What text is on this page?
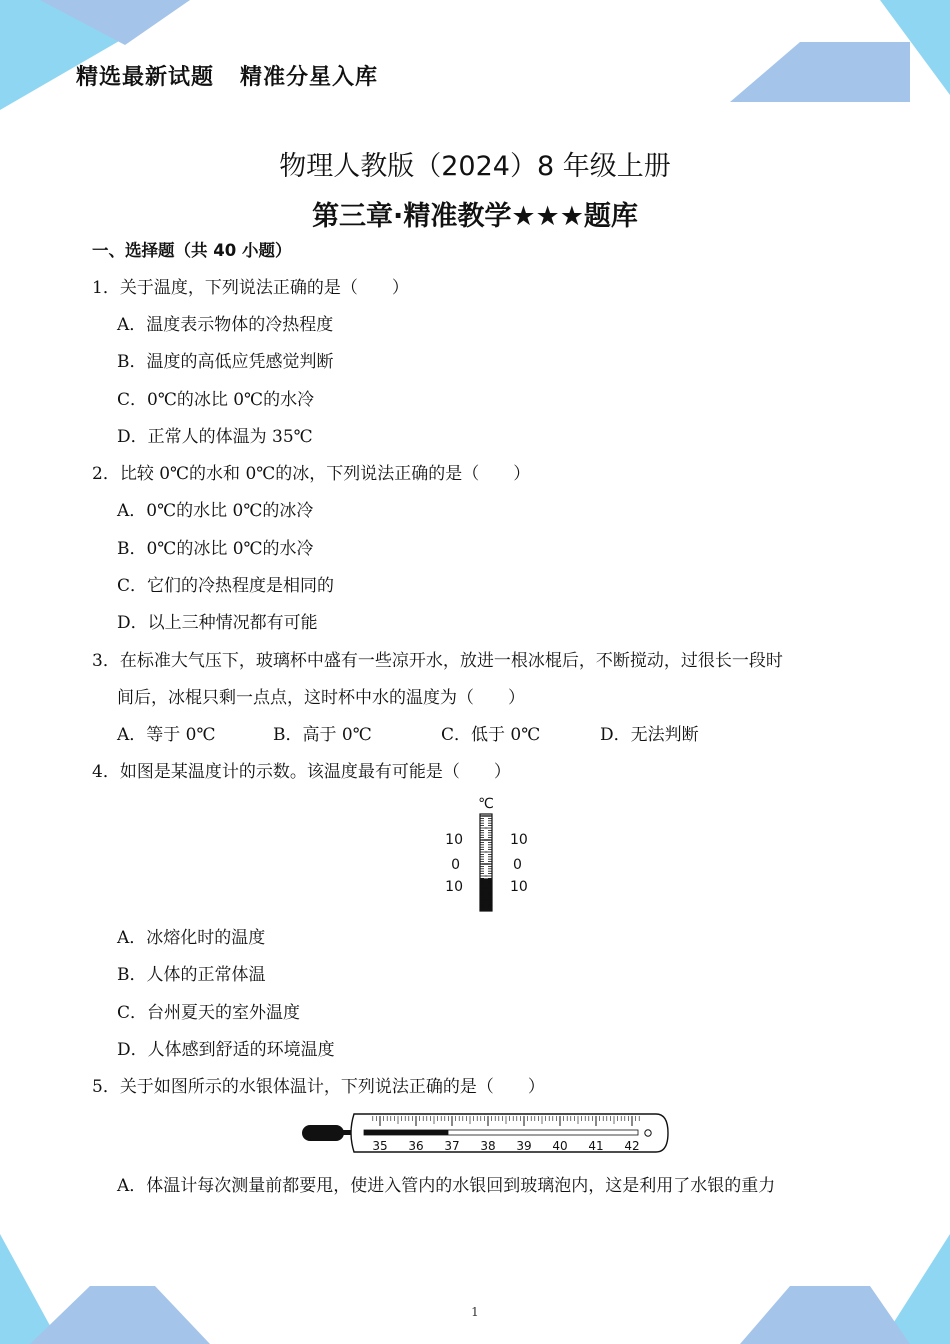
精选最新试题 精准分星入库
物理人教版（2024）8 年级上册
第三章·精准教学★★★题库
一、选择题（共 40 小题）
1．关于温度，下列说法正确的是（　　）
A．温度表示物体的冷热程度
B．温度的高低应凭感觉判断
C．0℃的冰比 0℃的水冷
D．正常人的体温为 35℃
2．比较 0℃的水和 0℃的冰，下列说法正确的是（　　）
A．0℃的水比 0℃的冰冷
B．0℃的冰比 0℃的水冷
C．它们的冷热程度是相同的
D．以上三种情况都有可能
3．在标准大气压下，玻璃杯中盛有一些凉开水，放进一根冰棍后，不断搅动，过很长一段时
间后，冰棍只剩一点点，这时杯中水的温度为（　　）
A．等于 0℃	B．高于 0℃	C．低于 0℃	D．无法判断
4．如图是某温度计的示数。该温度最有可能是（　　）
℃
10
0
10
10
0
10
A．冰熔化时的温度
B．人体的正常体温
C．台州夏天的室外温度
D．人体感到舒适的环境温度
5．关于如图所示的水银体温计，下列说法正确的是（　　）
35 36 37 38 39 40 41 42
A．体温计每次测量前都要甩，使进入管内的水银回到玻璃泡内，这是利用了水银的重力
1
